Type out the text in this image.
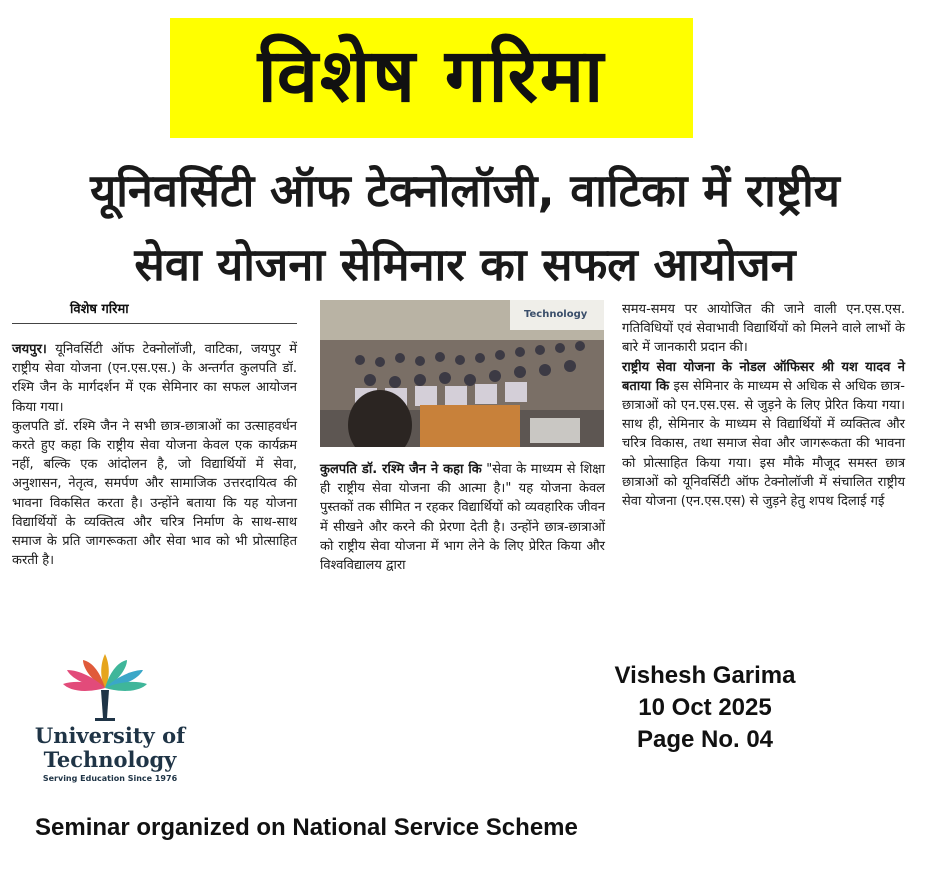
विशेष गरिमा
यूनिवर्सिटी ऑफ टेक्नोलॉजी, वाटिका में राष्ट्रीय
सेवा योजना सेमिनार का सफल आयोजन
विशेष गरिमा
जयपुर। यूनिवर्सिटी ऑफ टेक्नोलॉजी, वाटिका, जयपुर में राष्ट्रीय सेवा योजना (एन.एस.एस.) के अन्तर्गत कुलपति डॉ. रश्मि जैन के मार्गदर्शन में एक सेमिनार का सफल आयोजन किया गया।
कुलपति डॉ. रश्मि जैन ने सभी छात्र-छात्राओं का उत्साहवर्धन करते हुए कहा कि राष्ट्रीय सेवा योजना केवल एक कार्यक्रम नहीं, बल्कि एक आंदोलन है, जो विद्यार्थियों में सेवा, अनुशासन, नेतृत्व, समर्पण और सामाजिक उत्तरदायित्व की भावना विकसित करता है। उन्होंने बताया कि यह योजना विद्यार्थियों के व्यक्तित्व और चरित्र निर्माण के साथ-साथ समाज के प्रति जागरूकता और सेवा भाव को भी प्रोत्साहित करती है।
Technology
कुलपति डॉ. रश्मि जैन ने कहा कि "सेवा के माध्यम से शिक्षा ही राष्ट्रीय सेवा योजना की आत्मा है।" यह योजना केवल पुस्तकों तक सीमित न रहकर विद्यार्थियों को व्यवहारिक जीवन में सीखने और करने की प्रेरणा देती है। उन्होंने छात्र-छात्राओं को राष्ट्रीय सेवा योजना में भाग लेने के लिए प्रेरित किया और विश्वविद्यालय द्वारा
समय-समय पर आयोजित की जाने वाली एन.एस.एस. गतिविधियों एवं सेवाभावी विद्यार्थियों को मिलने वाले लाभों के बारे में जानकारी प्रदान की।
राष्ट्रीय सेवा योजना के नोडल ऑफिसर श्री यश यादव ने बताया कि इस सेमिनार के माध्यम से अधिक से अधिक छात्र-छात्राओं को एन.एस.एस. से जुड़ने के लिए प्रेरित किया गया। साथ ही, सेमिनार के माध्यम से विद्यार्थियों में व्यक्तित्व और चरित्र विकास, तथा समाज सेवा और जागरूकता की भावना को प्रोत्साहित किया गया। इस मौके मौजूद समस्त छात्र छात्राओं को यूनिवर्सिटी ऑफ टेक्नोलॉजी में संचालित राष्ट्रीय सेवा योजना (एन.एस.एस) से जुड़ने हेतु शपथ दिलाई गई
University of
Technology
Serving Education Since 1976
Vishesh Garima
10 Oct 2025
Page No. 04
Seminar organized on National Service Scheme
